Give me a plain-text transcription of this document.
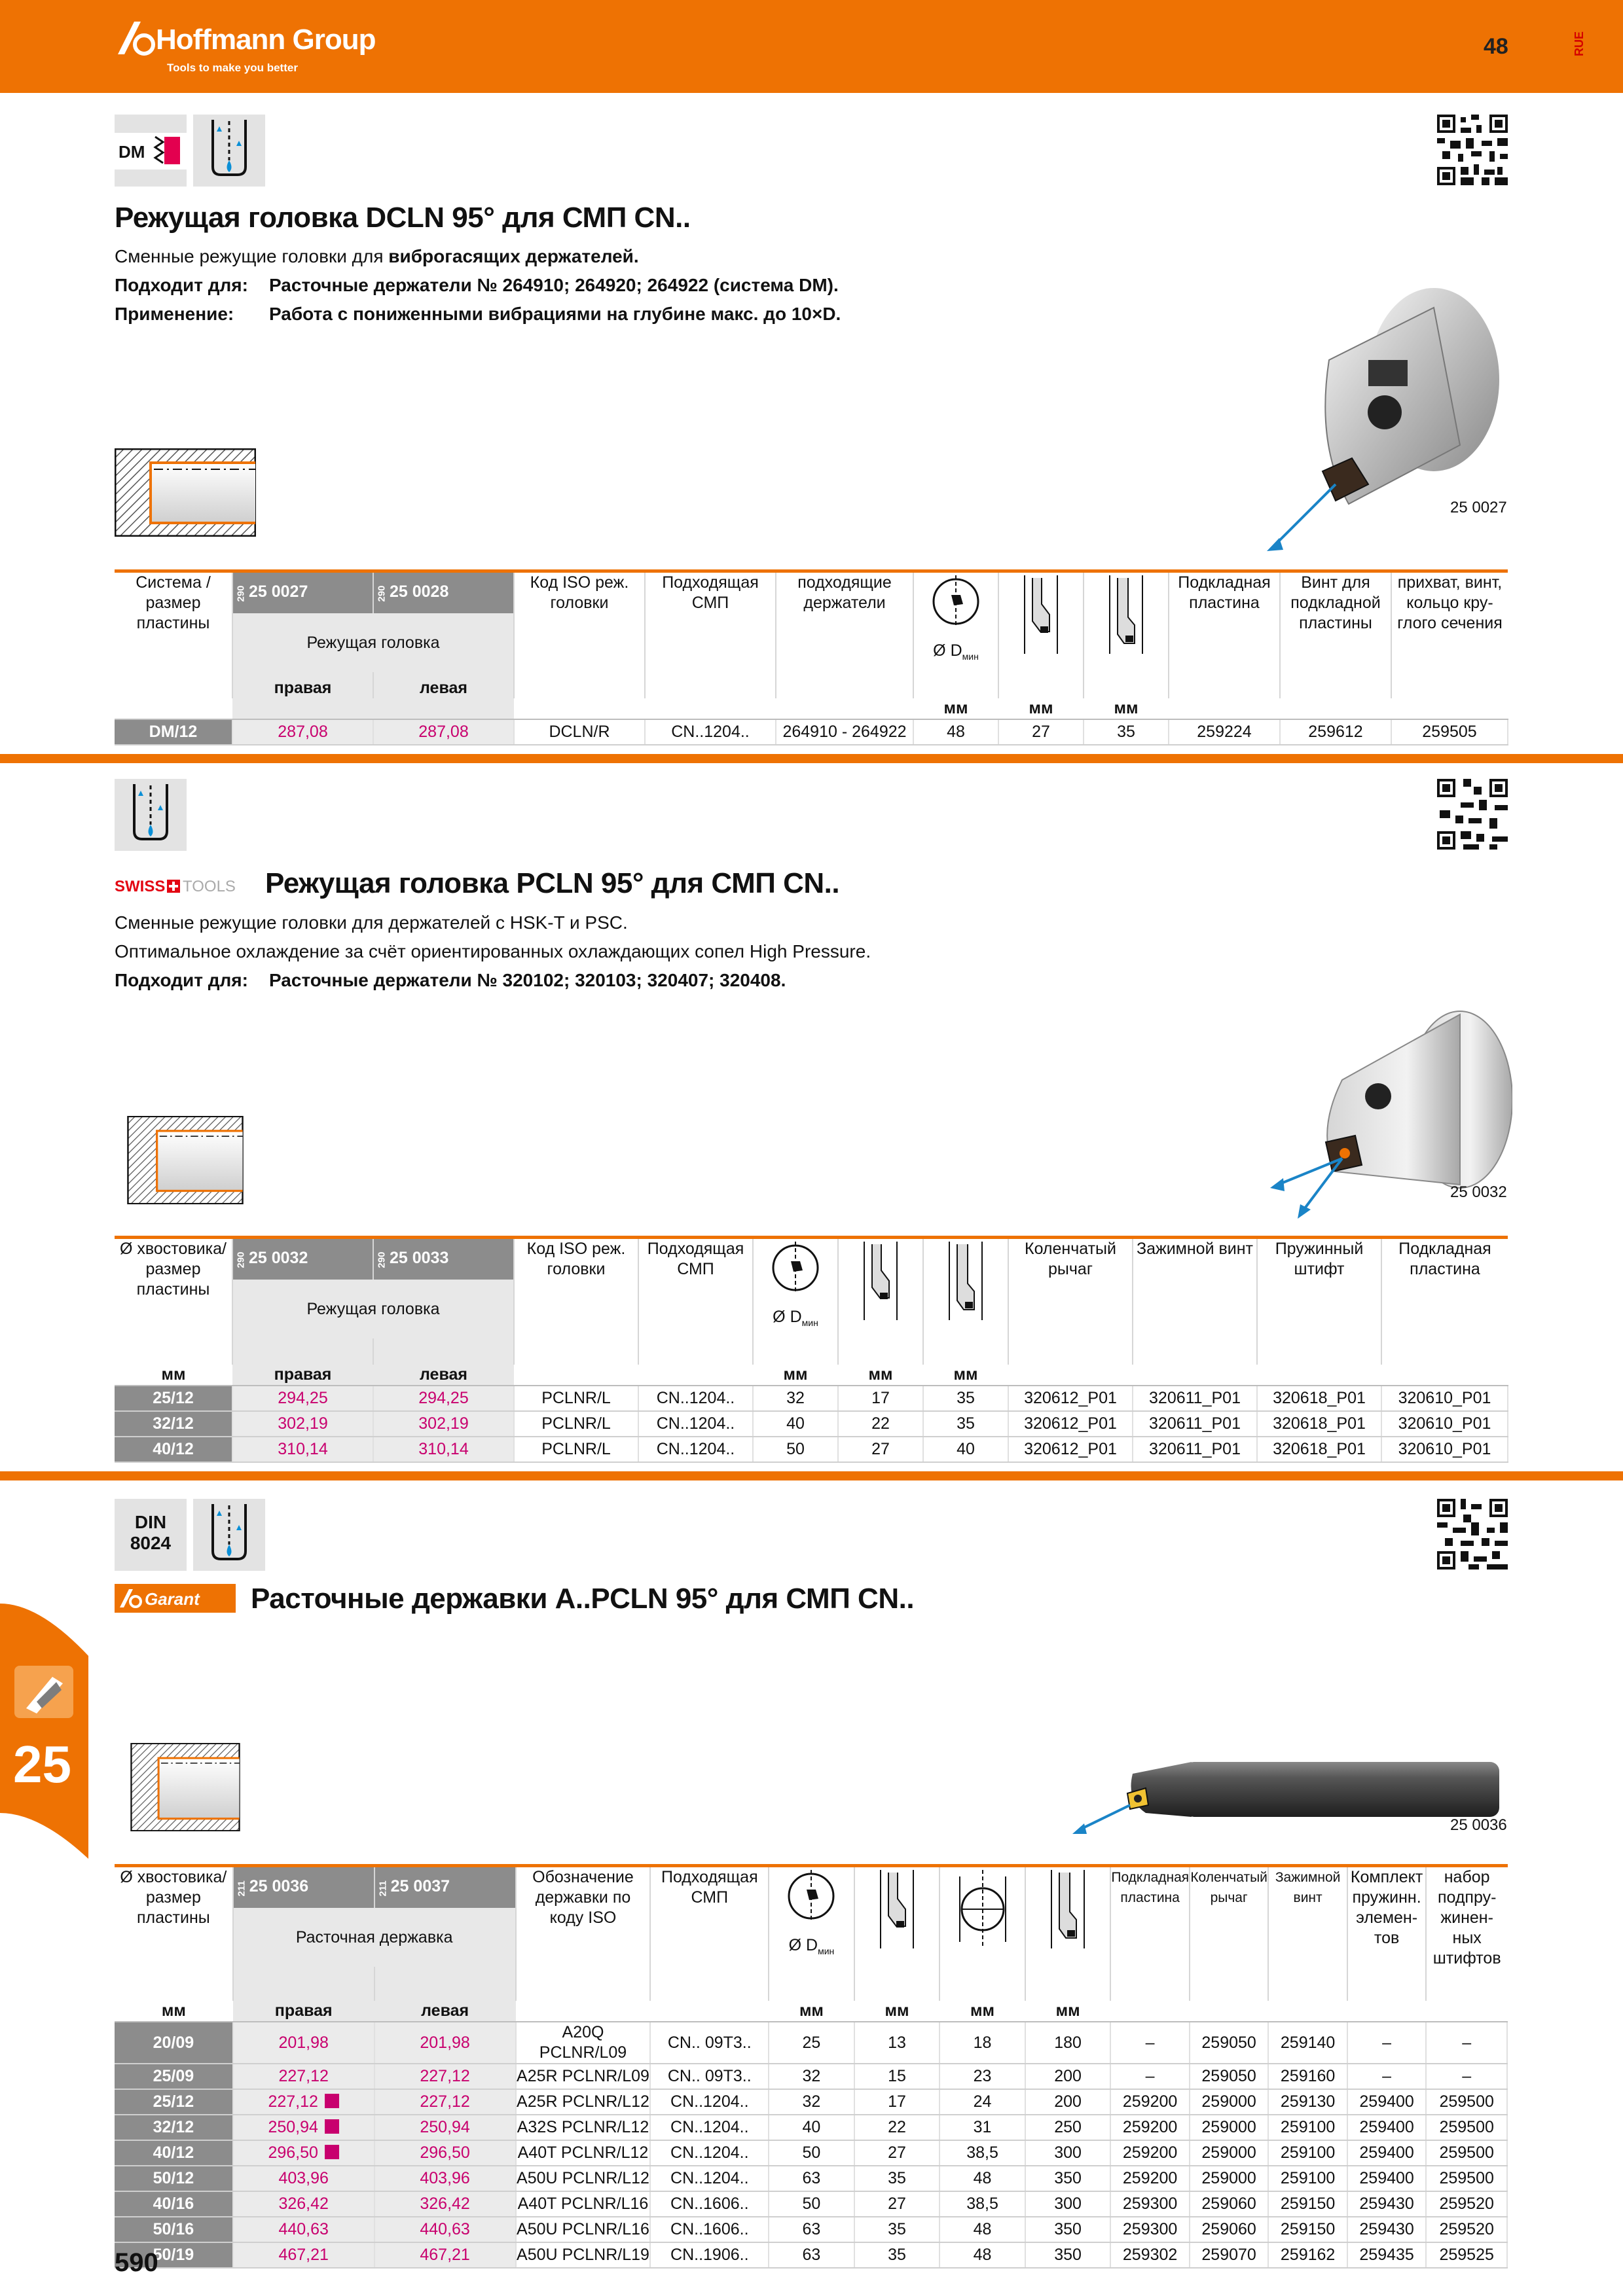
Hoffmann Group
Tools to make you better
48	RUE
DM
Режущая головка DCLN 95° для СМП CN..
Сменные режущие головки для виброгасящих держателей.
Подходит для: Расточные держатели № 264910; 264920; 264922 (система DM).
Применение: Работа с пониженными вибрациями на глубине макс. до 10×D.
25 0027
Система / размер пластины	290 25 0027	290 25 0028	Код ISO реж. головки	Подходящая СМП	подходящие держатели	Ø $D_{мин}$			Подкладная пластина	Винт для подкладной пластины	прихват, винт, кольцо кру- глого сечения
	Режущая головка										
	правая	левая									
						мм	мм	мм			
DM/12	287,08	287,08	DCLN/R	CN..1204..	264910 - 264922	48	27	35	259224	259612	259505
SWISS TOOLS Режущая головка PCLN 95° для СМП CN..
Сменные режущие головки для держателей с HSK-T и PSC.
Оптимальное охлаждение за счёт ориентированных охлаждающих сопел High Pressure.
Подходит для: Расточные держатели № 320102; 320103; 320407; 320408.
25 0032
Ø хвостовика/ размер пластины	290 25 0032	290 25 0033	Код ISO реж. головки	Подходящая СМП	Ø $D_{мин}$			Коленчатый рычаг	Зажимной винт	Пружинный штифт	Подкладная пластина
	Режущая головка										

мм	правая	левая			мм	мм	мм				
25/12	294,25	294,25	PCLNR/L	CN..1204..	32	17	35	320612_P01	320611_P01	320618_P01	320610_P01
32/12	302,19	302,19	PCLNR/L	CN..1204..	40	22	35	320612_P01	320611_P01	320618_P01	320610_P01
40/12	310,14	310,14	PCLNR/L	CN..1204..	50	27	40	320612_P01	320611_P01	320618_P01	320610_P01
DIN
8024
Garant Расточные державки A..PCLN 95° для СМП CN..
25 0036
Ø хвостовика/ размер пластины	211 25 0036	211 25 0037	Обозначение державки по коду ISO	Подходящая СМП	Ø $D_{мин}$				Подкладная пластина	Коленчатый рычаг	Зажимной винт	Комплект пружинн. элемен- тов	набор подпру- жинен- ных штифтов
	Расточная державка												

мм	правая	левая			мм	мм	мм	мм					
20/09	201,98	201,98	A20Q PCLNR/L09	CN.. 09T3..	25	13	18	180	–	259050	259140	–	–
25/09	227,12	227,12	A25R PCLNR/L09	CN.. 09T3..	32	15	23	200	–	259050	259160	–	–
25/12	227,12	227,12	A25R PCLNR/L12	CN..1204..	32	17	24	200	259200	259000	259130	259400	259500
32/12	250,94	250,94	A32S PCLNR/L12	CN..1204..	40	22	31	250	259200	259000	259100	259400	259500
40/12	296,50	296,50	A40T PCLNR/L12	CN..1204..	50	27	38,5	300	259200	259000	259100	259400	259500
50/12	403,96	403,96	A50U PCLNR/L12	CN..1204..	63	35	48	350	259200	259000	259100	259400	259500
40/16	326,42	326,42	A40T PCLNR/L16	CN..1606..	50	27	38,5	300	259300	259060	259150	259430	259520
50/16	440,63	440,63	A50U PCLNR/L16	CN..1606..	63	35	48	350	259300	259060	259150	259430	259520
50/19	467,21	467,21	A50U PCLNR/L19	CN..1906..	63	35	48	350	259302	259070	259162	259435	259525
25
590
